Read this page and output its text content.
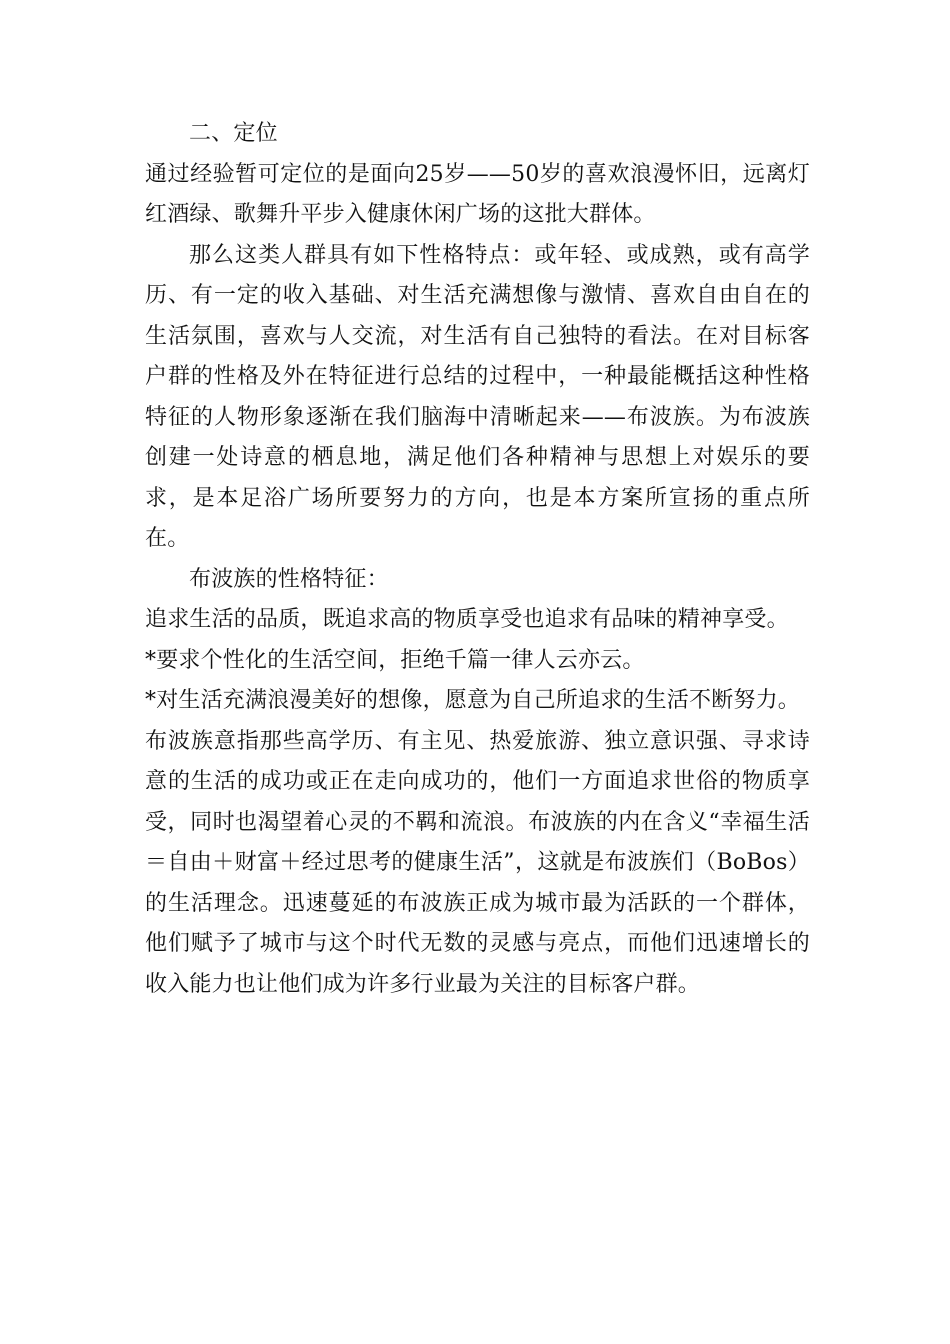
二、定位

通过经验暂可定位的是面向25岁——50岁的喜欢浪漫怀旧，远离灯红酒绿、歌舞升平步入健康休闲广场的这批大群体。

那么这类人群具有如下性格特点：或年轻、或成熟，或有高学历、有一定的收入基础、对生活充满想像与激情、喜欢自由自在的生活氛围，喜欢与人交流，对生活有自己独特的看法。在对目标客户群的性格及外在特征进行总结的过程中，一种最能概括这种性格特征的人物形象逐渐在我们脑海中清晰起来——布波族。为布波族创建一处诗意的栖息地，满足他们各种精神与思想上对娱乐的要求，是本足浴广场所要努力的方向，也是本方案所宣扬的重点所在。

布波族的性格特征：

追求生活的品质，既追求高的物质享受也追求有品味的精神享受。

*要求个性化的生活空间，拒绝千篇一律人云亦云。

*对生活充满浪漫美好的想像，愿意为自己所追求的生活不断努力。

布波族意指那些高学历、有主见、热爱旅游、独立意识强、寻求诗意的生活的成功或正在走向成功的，他们一方面追求世俗的物质享受，同时也渴望着心灵的不羁和流浪。布波族的内在含义“幸福生活＝自由＋财富＋经过思考的健康生活”，这就是布波族们（BoBos）的生活理念。迅速蔓延的布波族正成为城市最为活跃的一个群体，他们赋予了城市与这个时代无数的灵感与亮点，而他们迅速增长的收入能力也让他们成为许多行业最为关注的目标客户群。
